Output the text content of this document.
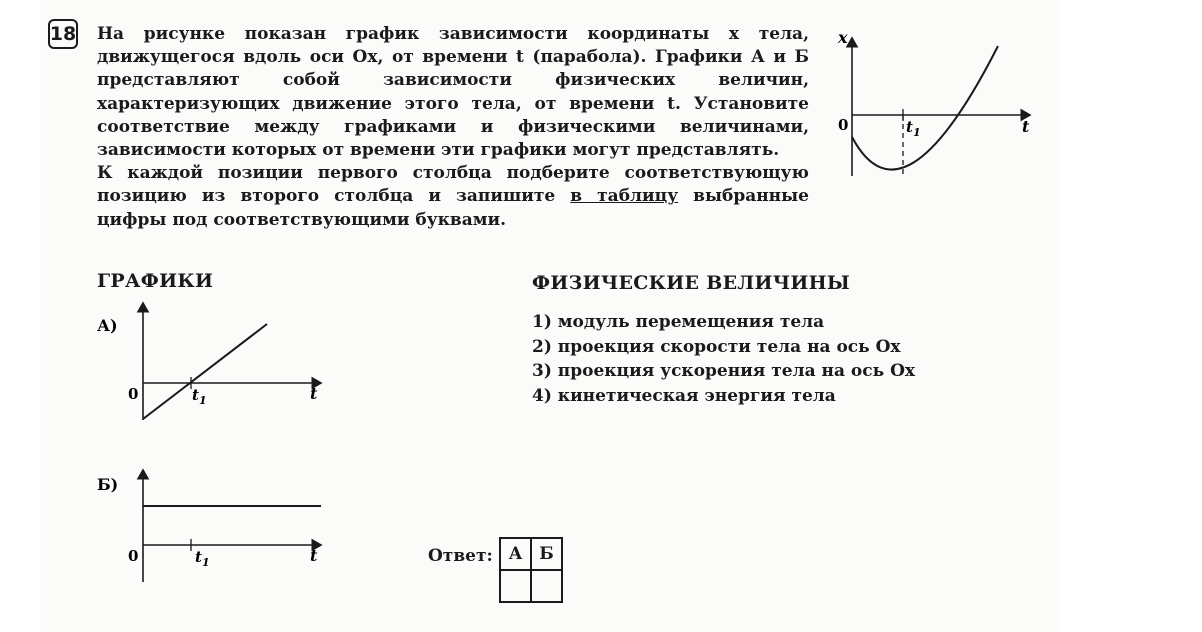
18 На рисунке показан график зависимости координаты x тела, движущегося вдоль оси Ox, от времени t (парабола). Графики А и Б представляют собой зависимости физических величин, характеризующих движение этого тела, от времени t. Установите соответствие между графиками и физическими величинами, зависимости которых от времени эти графики могут представлять.

К каждой позиции первого столбца подберите соответствующую позицию из второго столбца и запишите в таблицу выбранные цифры под соответствующими буквами.

x
t
0	$t_1$
ГРАФИКИ	ФИЗИЧЕСКИЕ ВЕЛИЧИНЫ
А)
0	t
$t_1$
Б)
0	t
$t_1$
1) модуль перемещения тела
2) проекция скорости тела на ось Ox
3) проекция ускорения тела на ось Ox
4) кинетическая энергия тела
Ответ: А	Б
